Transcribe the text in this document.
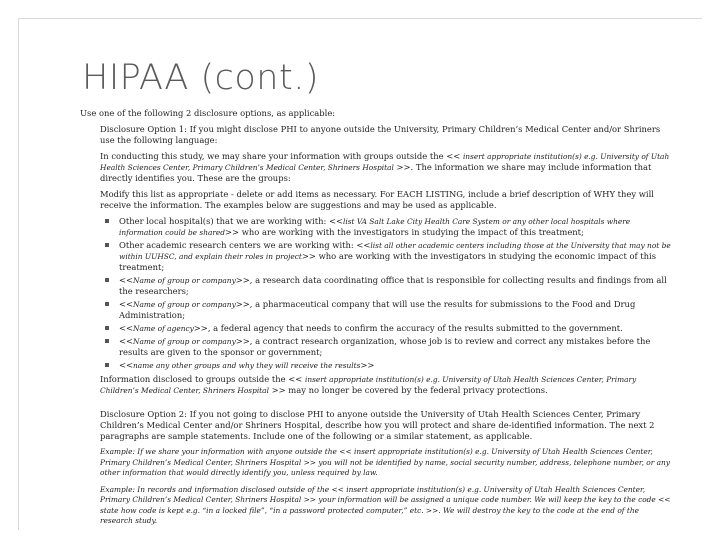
HIPAA (cont.)

Use one of the following 2 disclosure options, as applicable:

Disclosure Option 1: If you might disclose PHI to anyone outside the University, Primary Children’s Medical Center and/or Shriners use the following language:

In conducting this study, we may share your information with groups outside the << insert appropriate institution(s) e.g. University of Utah Health Sciences Center, Primary Children’s Medical Center, Shriners Hospital >>. The information we share may include information that directly identifies you. These are the groups:

Modify this list as appropriate - delete or add items as necessary. For EACH LISTING, include a brief description of WHY they will receive the information. The examples below are suggestions and may be used as applicable.

Other local hospital(s) that we are working with: <<list VA Salt Lake City Health Care System or any other local hospitals where information could be shared>> who are working with the investigators in studying the impact of this treatment;
Other academic research centers we are working with: <<list all other academic centers including those at the University that may not be within UUHSC, and explain their roles in project>> who are working with the investigators in studying the economic impact of this treatment;
<<Name of group or company>>, a research data coordinating office that is responsible for collecting results and findings from all the researchers;
<<Name of group or company>>, a pharmaceutical company that will use the results for submissions to the Food and Drug Administration;
<<Name of agency>>, a federal agency that needs to confirm the accuracy of the results submitted to the government.
<<Name of group or company>>, a contract research organization, whose job is to review and correct any mistakes before the results are given to the sponsor or government;
<<name any other groups and why they will receive the results>>

Information disclosed to groups outside the << insert appropriate institution(s) e.g. University of Utah Health Sciences Center, Primary Children’s Medical Center, Shriners Hospital >> may no longer be covered by the federal privacy protections.

Disclosure Option 2: If you not going to disclose PHI to anyone outside the University of Utah Health Sciences Center, Primary Children’s Medical Center and/or Shriners Hospital, describe how you will protect and share de-identified information. The next 2 paragraphs are sample statements. Include one of the following or a similar statement, as applicable.

Example: If we share your information with anyone outside the << insert appropriate institution(s) e.g. University of Utah Health Sciences Center, Primary Children’s Medical Center, Shriners Hospital >> you will not be identified by name, social security number, address, telephone number, or any other information that would directly identify you, unless required by law.

Example: In records and information disclosed outside of the << insert appropriate institution(s) e.g. University of Utah Health Sciences Center, Primary Children’s Medical Center, Shriners Hospital >> your information will be assigned a unique code number. We will keep the key to the code << state how code is kept e.g. “in a locked file”, “in a password protected computer,” etc. >>. We will destroy the key to the code at the end of the research study.
